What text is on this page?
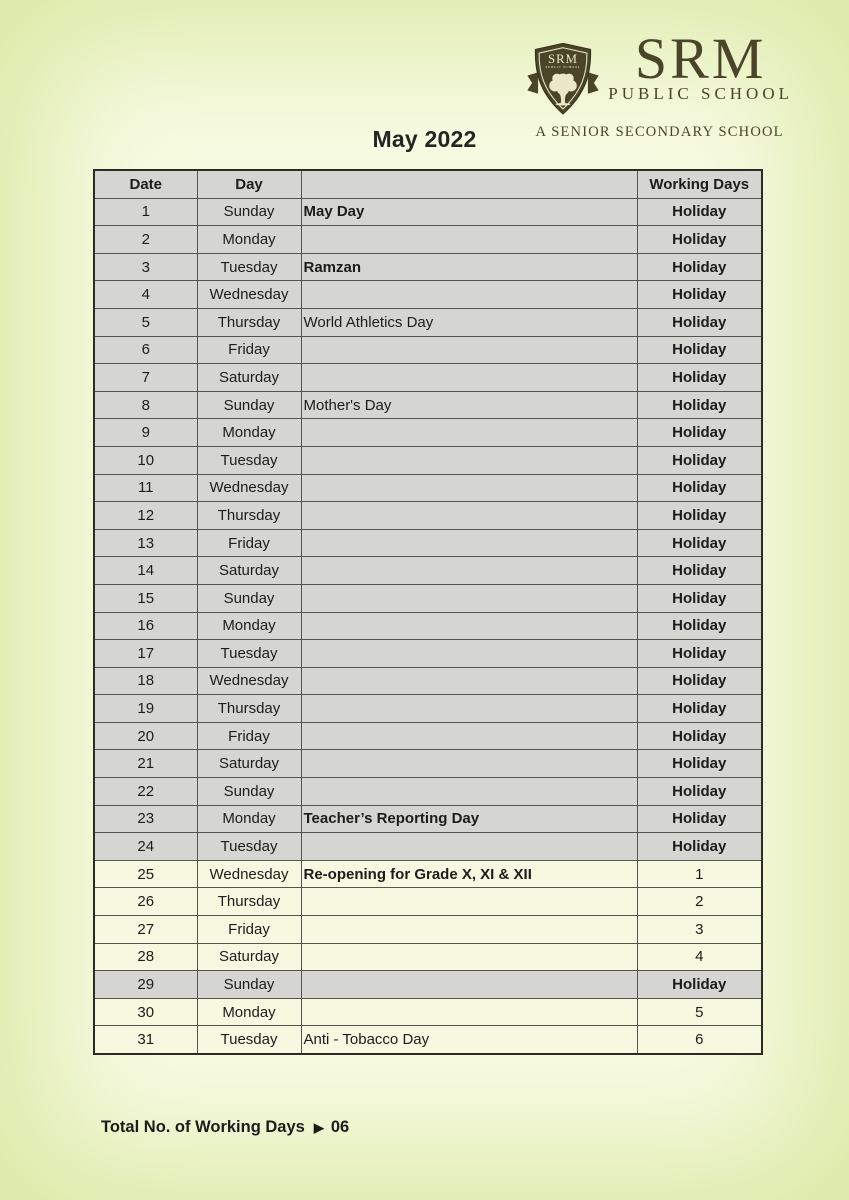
SRM
PUBLIC SCHOOL SRM
PUBLIC SCHOOL
A SENIOR SECONDARY SCHOOL
May 2022
Date	Day		Working Days
1	Sunday	May Day	Holiday
2	Monday		Holiday
3	Tuesday	Ramzan	Holiday
4	Wednesday		Holiday
5	Thursday	World Athletics Day	Holiday
6	Friday		Holiday
7	Saturday		Holiday
8	Sunday	Mother's Day	Holiday
9	Monday		Holiday
10	Tuesday		Holiday
11	Wednesday		Holiday
12	Thursday		Holiday
13	Friday		Holiday
14	Saturday		Holiday
15	Sunday		Holiday
16	Monday		Holiday
17	Tuesday		Holiday
18	Wednesday		Holiday
19	Thursday		Holiday
20	Friday		Holiday
21	Saturday		Holiday
22	Sunday		Holiday
23	Monday	Teacher’s Reporting Day	Holiday
24	Tuesday		Holiday
25	Wednesday	Re-opening for Grade X, XI & XII	1
26	Thursday		2
27	Friday		3
28	Saturday		4
29	Sunday		Holiday
30	Monday		5
31	Tuesday	Anti - Tobacco Day	6
Total No. of Working Days ▶ 06
